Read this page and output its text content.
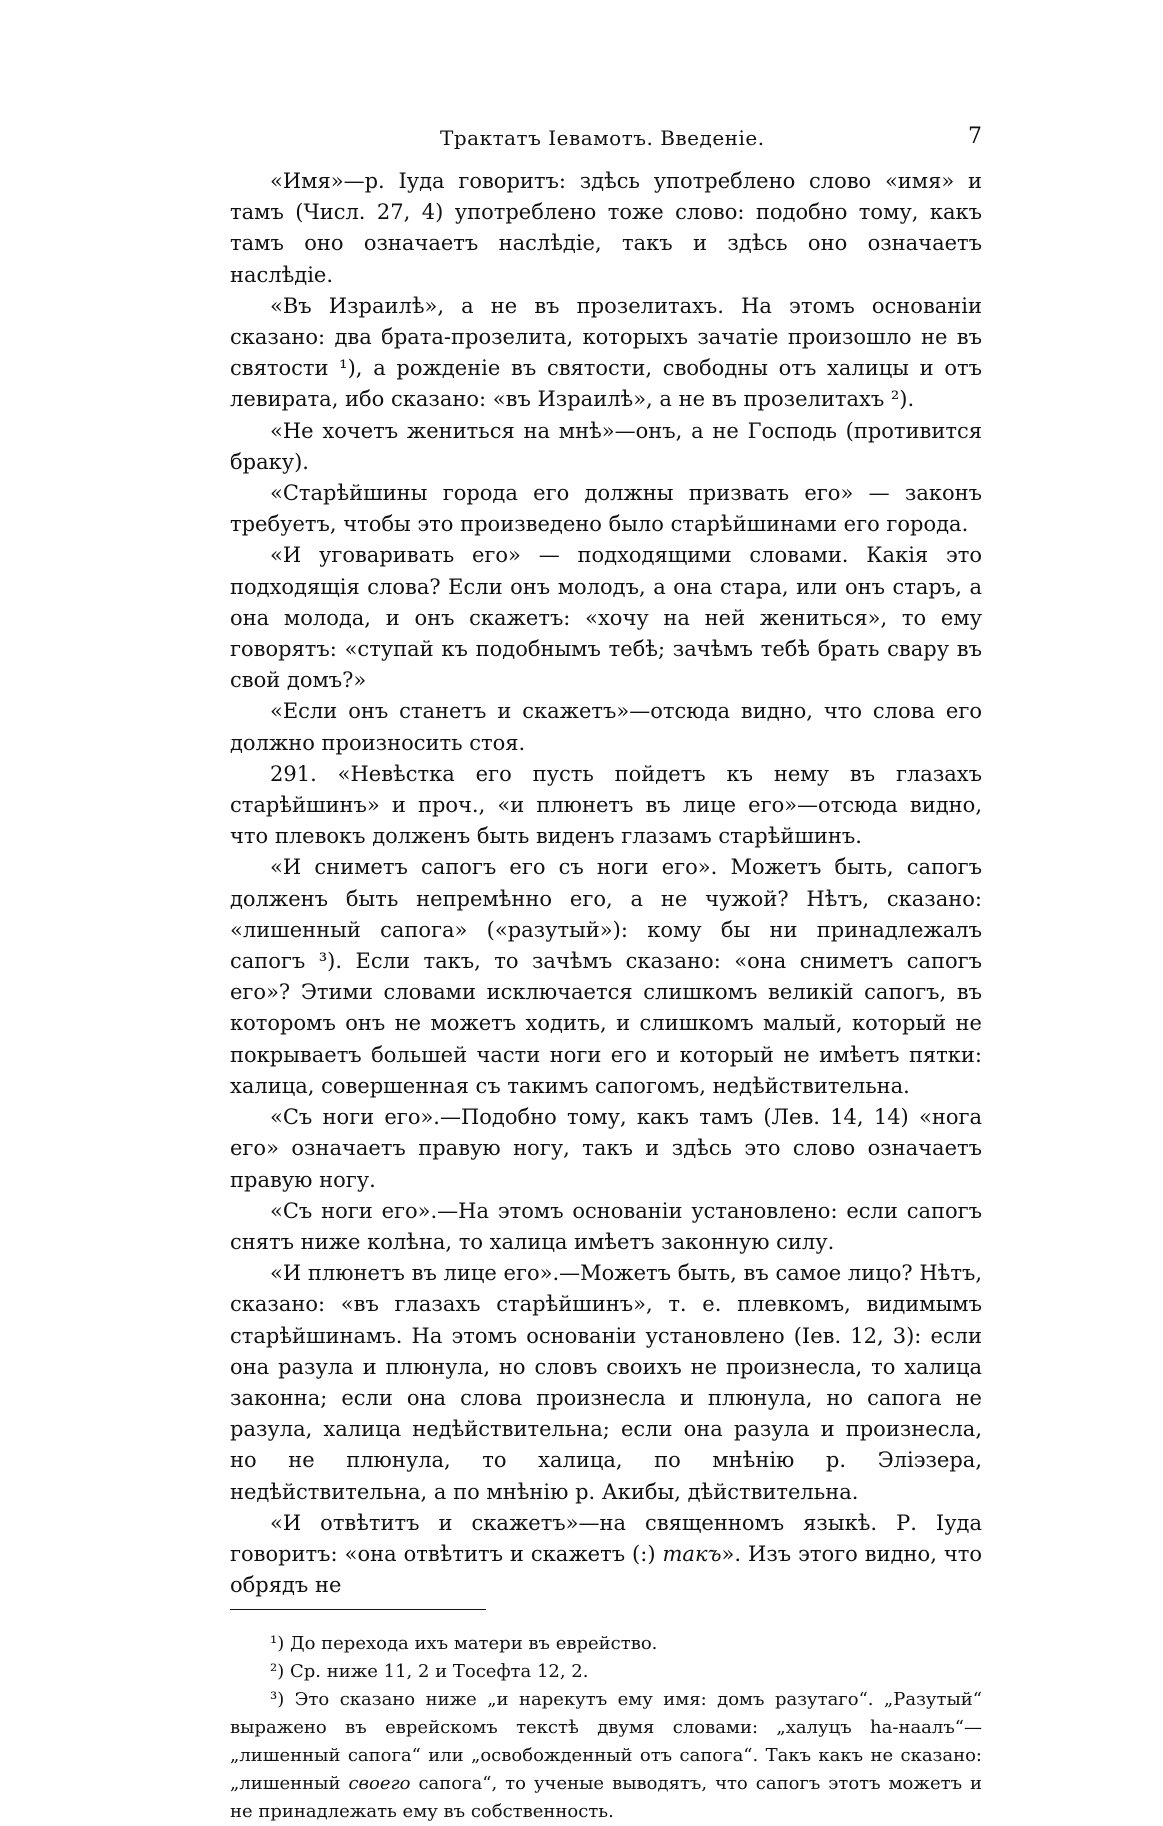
Трактатъ Іевамотъ. Введеніе.	7

«Имя»—р. Іуда говоритъ: здѣсь употреблено слово «имя» и тамъ (Числ. 27, 4) употреблено тоже слово: подобно тому, какъ тамъ оно означаетъ наслѣдіе, такъ и здѣсь оно означаетъ наслѣдіе.

«Въ Израилѣ», а не въ прозелитахъ. На этомъ основаніи сказано: два брата-прозелита, которыхъ зачатіе произошло не въ святости ¹), а рожденіе въ святости, свободны отъ халицы и отъ левирата, ибо сказано: «въ Израилѣ», а не въ прозелитахъ ²).

«Не хочетъ жениться на мнѣ»—онъ, а не Господь (противится браку).

«Старѣйшины города его должны призвать его» — законъ требуетъ, чтобы это произведено было старѣйшинами его города.

«И уговаривать его» — подходящими словами. Какія это подходящія слова? Если онъ молодъ, а она стара, или онъ старъ, а она молода, и онъ скажетъ: «хочу на ней жениться», то ему говорятъ: «ступай къ подобнымъ тебѣ; зачѣмъ тебѣ брать свару въ свой домъ?»

«Если онъ станетъ и скажетъ»—отсюда видно, что слова его должно произносить стоя.

291. «Невѣстка его пусть пойдетъ къ нему въ глазахъ старѣйшинъ» и проч., «и плюнетъ въ лице его»—отсюда видно, что плевокъ долженъ быть виденъ глазамъ старѣйшинъ.

«И сниметъ сапогъ его съ ноги его». Можетъ быть, сапогъ долженъ быть непремѣнно его, а не чужой? Нѣтъ, сказано: «лишенный сапога» («разутый»): кому бы ни принадлежалъ сапогъ ³). Если такъ, то зачѣмъ сказано: «она сниметъ сапогъ его»? Этими словами исключается слишкомъ великій сапогъ, въ которомъ онъ не можетъ ходить, и слишкомъ малый, который не покрываетъ большей части ноги его и который не имѣетъ пятки: халица, совершенная съ такимъ сапогомъ, недѣйствительна.

«Съ ноги его».—Подобно тому, какъ тамъ (Лев. 14, 14) «нога его» означаетъ правую ногу, такъ и здѣсь это слово означаетъ правую ногу.

«Съ ноги его».—На этомъ основаніи установлено: если сапогъ снятъ ниже колѣна, то халица имѣетъ законную силу.

«И плюнетъ въ лице его».—Можетъ быть, въ самое лицо? Нѣтъ, сказано: «въ глазахъ старѣйшинъ», т. е. плевкомъ, видимымъ старѣйшинамъ. На этомъ основаніи установлено (Іев. 12, 3): если она разула и плюнула, но словъ своихъ не произнесла, то халица законна; если она слова произнесла и плюнула, но сапога не разула, халица недѣйствительна; если она разула и произнесла, но не плюнула, то халица, по мнѣнію р. Эліэзера, недѣйствительна, а по мнѣнію р. Акибы, дѣйствительна.

«И отвѣтитъ и скажетъ»—на священномъ языкѣ. Р. Іуда говоритъ: «она отвѣтитъ и скажетъ (:) такъ». Изъ этого видно, что обрядъ не

¹) До перехода ихъ матери въ еврейство.

²) Ср. ниже 11, 2 и Тосефта 12, 2.

³) Это сказано ниже „и нарекутъ ему имя: домъ разутаго“. „Разутый“ выражено въ еврейскомъ текстѣ двумя словами: „халуцъ hа-наалъ“—„лишенный сапога“ или „освобожденный отъ сапога“. Такъ какъ не сказано: „лишенный своего сапога“, то ученые выводятъ, что сапогъ этотъ можетъ и не принадлежать ему въ собственность.
